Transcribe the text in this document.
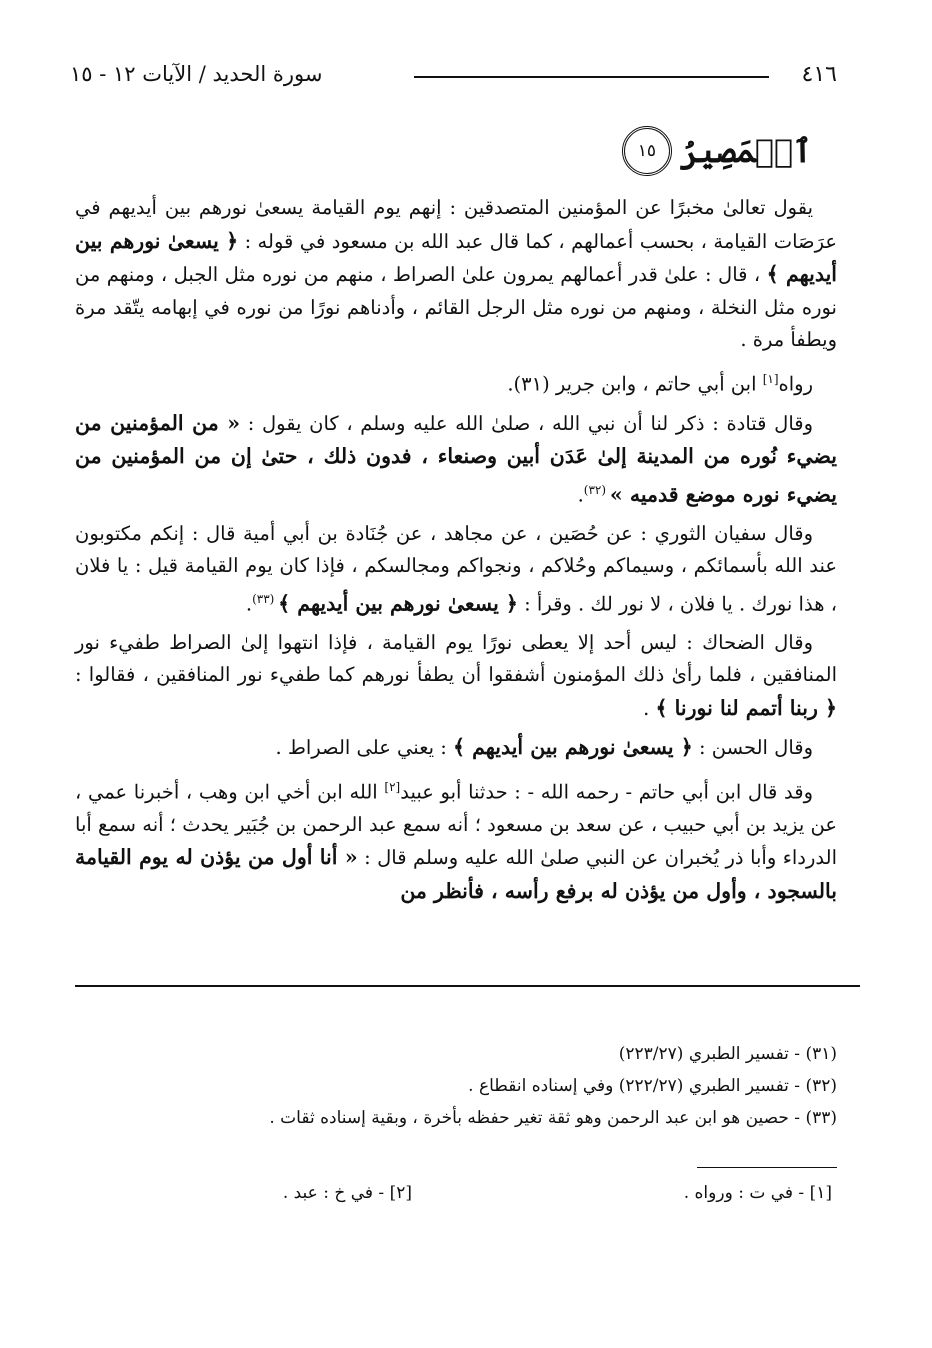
٤١٦
سورة الحديد / الآيات ١٢ - ١٥
ٱلۡمَصِيرُ
١٥

يقول تعالىٰ مخبرًا عن المؤمنين المتصدقين : إنهم يوم القيامة يسعىٰ نورهم بين أيديهم في عرَصَات القيامة ، بحسب أعمالهم ، كما قال عبد الله بن مسعود في قوله : ﴿ يسعىٰ نورهم بين أيديهم ﴾ ، قال : علىٰ قدر أعمالهم يمرون علىٰ الصراط ، منهم من نوره مثل الجبل ، ومنهم من نوره مثل النخلة ، ومنهم من نوره مثل الرجل القائم ، وأدناهم نورًا من نوره في إبهامه يتّقد مرة ويطفأ مرة .

رواه[١] ابن أبي حاتم ، وابن جرير (٣١).

وقال قتادة : ذكر لنا أن نبي الله ، صلىٰ الله عليه وسلم ، كان يقول : « من المؤمنين من يضيء نُوره من المدينة إلىٰ عَدَن أبين وصنعاء ، فدون ذلك ، حتىٰ إن من المؤمنين من يضيء نوره موضع قدميه » $^{(٣٢)}$.

وقال سفيان الثوري : عن حُصَين ، عن مجاهد ، عن جُنَادة بن أبي أمية قال : إنكم مكتوبون عند الله بأسمائكم ، وسيماكم وحُلاكم ، ونجواكم ومجالسكم ، فإذا كان يوم القيامة قيل : يا فلان ، هذا نورك . يا فلان ، لا نور لك . وقرأ : ﴿ يسعىٰ نورهم بين أيديهم ﴾ $^{(٣٣)}$.

وقال الضحاك : ليس أحد إلا يعطى نورًا يوم القيامة ، فإذا انتهوا إلىٰ الصراط طفيء نور المنافقين ، فلما رأىٰ ذلك المؤمنون أشفقوا أن يطفأ نورهم كما طفيء نور المنافقين ، فقالوا : ﴿ ربنا أتمم لنا نورنا ﴾ .

وقال الحسن : ﴿ يسعىٰ نورهم بين أيديهم ﴾ : يعني على الصراط .

وقد قال ابن أبي حاتم - رحمه الله - : حدثنا أبو عبيد[٢] الله ابن أخي ابن وهب ، أخبرنا عمي ، عن يزيد بن أبي حبيب ، عن سعد بن مسعود ؛ أنه سمع عبد الرحمن بن جُبَير يحدث ؛ أنه سمع أبا الدرداء وأبا ذر يُخبران عن النبي صلىٰ الله عليه وسلم قال : « أنا أول من يؤذن له يوم القيامة بالسجود ، وأول من يؤذن له برفع رأسه ، فأنظر من

(٣١) - تفسير الطبري (٢٢٣/٢٧)

(٣٢) - تفسير الطبري (٢٢٢/٢٧) وفي إسناده انقطاع .

(٣٣) - حصين هو ابن عبد الرحمن وهو ثقة تغير حفظه بأخرة ، وبقية إسناده ثقات .

[١] - في ت : ورواه .
[٢] - في خ : عبد .
